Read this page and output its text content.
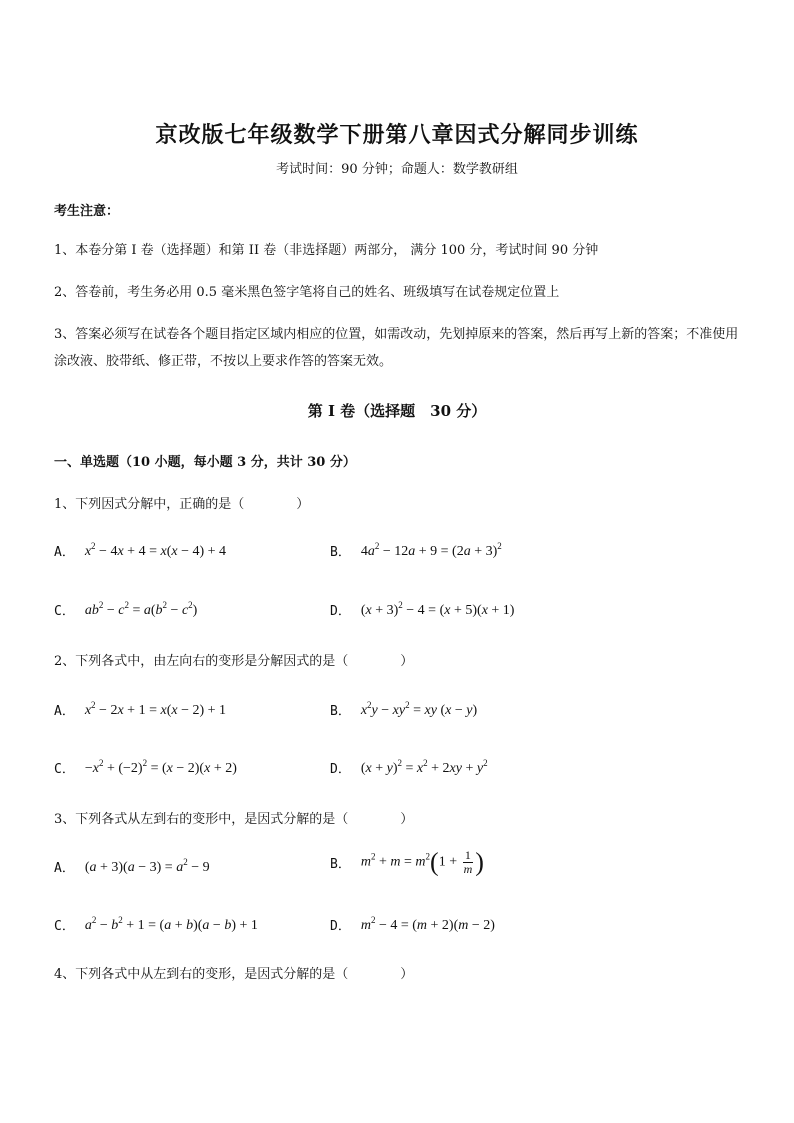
京改版七年级数学下册第八章因式分解同步训练
考试时间：90 分钟；命题人：数学教研组
考生注意：
1、本卷分第 I 卷（选择题）和第 II 卷（非选择题）两部分， 满分 100 分，考试时间 90 分钟
2、答卷前，考生务必用 0.5 毫米黑色签字笔将自己的姓名、班级填写在试卷规定位置上
3、答案必须写在试卷各个题目指定区域内相应的位置，如需改动，先划掉原来的答案，然后再写上新的答案；不准使用涂改液、胶带纸、修正带，不按以上要求作答的答案无效。
第 I 卷（选择题　30 分）
一、单选题（10 小题，每小题 3 分，共计 30 分）
1、下列因式分解中，正确的是（　　　　）
A． $x^2 - 4x + 4 = x(x - 4) + 4$	B． $4a^2 - 12a + 9 = (2a + 3)^2$
C． $ab^2 - c^2 = a(b^2 - c^2)$	D． $(x + 3)^2 - 4 = (x + 5)(x + 1)$
2、下列各式中，由左向右的变形是分解因式的是（　　　　）
A． $x^2 - 2x + 1 = x(x - 2) + 1$	B． $x^2y - xy^2$ = xy (x − y)
C． $-x^2 + (-2)^2 = (x - 2)(x + 2)$	D． $(x + y)^2 = x^2 + 2xy + y^2$
3、下列各式从左到右的变形中，是因式分解的是（　　　　）
A． $(a + 3)(a - 3) = a^2 - 9$	B． $m^2 + m = m^2(1 + \frac{1}{m}$ )
C． $a^2 - b^2 + 1 = (a + b)(a - b) + 1$	D． $m^2 - 4 = (m + 2)(m - 2)$
4、下列各式中从左到右的变形，是因式分解的是（　　　　）
